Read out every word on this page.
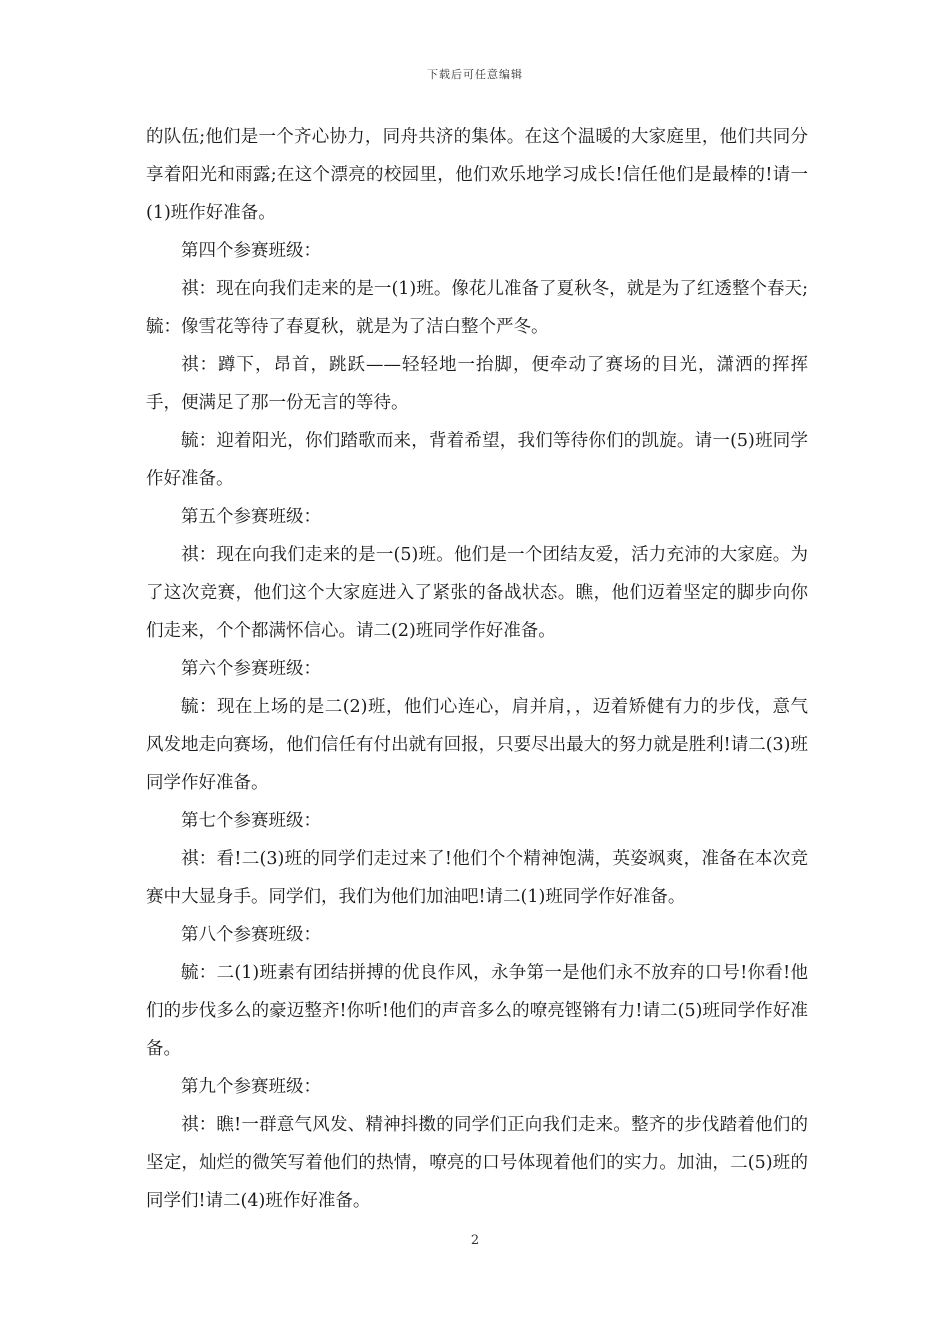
下载后可任意编辑

的队伍;他们是一个齐心协力，同舟共济的集体。在这个温暖的大家庭里，他们共同分享着阳光和雨露;在这个漂亮的校园里，他们欢乐地学习成长!信任他们是最棒的!请一(1)班作好准备。

第四个参赛班级：

祺：现在向我们走来的是一(1)班。像花儿准备了夏秋冬，就是为了红透整个春天;毓：像雪花等待了春夏秋，就是为了洁白整个严冬。

祺：蹲下，昂首，跳跃——轻轻地一抬脚，便牵动了赛场的目光，潇洒的挥挥手，便满足了那一份无言的等待。

毓：迎着阳光，你们踏歌而来，背着希望，我们等待你们的凯旋。请一(5)班同学作好准备。

第五个参赛班级：

祺：现在向我们走来的是一(5)班。他们是一个团结友爱，活力充沛的大家庭。为了这次竞赛，他们这个大家庭进入了紧张的备战状态。瞧，他们迈着坚定的脚步向你们走来，个个都满怀信心。请二(2)班同学作好准备。

第六个参赛班级：

毓：现在上场的是二(2)班，他们心连心，肩并肩，，迈着矫健有力的步伐，意气风发地走向赛场，他们信任有付出就有回报，只要尽出最大的努力就是胜利!请二(3)班同学作好准备。

第七个参赛班级：

祺：看!二(3)班的同学们走过来了!他们个个精神饱满，英姿飒爽，准备在本次竞赛中大显身手。同学们，我们为他们加油吧!请二(1)班同学作好准备。

第八个参赛班级：

毓：二(1)班素有团结拼搏的优良作风，永争第一是他们永不放弃的口号!你看!他们的步伐多么的豪迈整齐!你听!他们的声音多么的嘹亮铿锵有力!请二(5)班同学作好准备。

第九个参赛班级：

祺：瞧!一群意气风发、精神抖擞的同学们正向我们走来。整齐的步伐踏着他们的坚定，灿烂的微笑写着他们的热情，嘹亮的口号体现着他们的实力。加油，二(5)班的同学们!请二(4)班作好准备。

2
